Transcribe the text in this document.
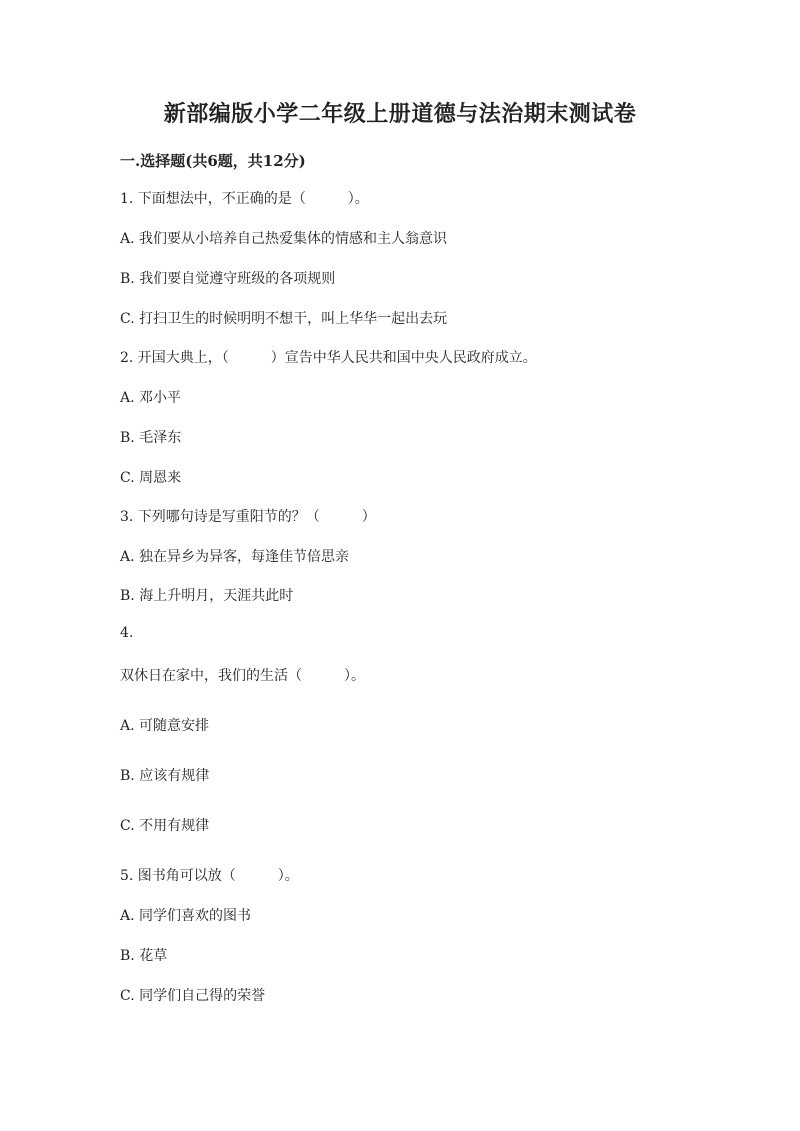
新部编版小学二年级上册道德与法治期末测试卷
一.选择题(共6题，共12分)
1. 下面想法中，不正确的是（　　　）。
A. 我们要从小培养自己热爱集体的情感和主人翁意识
B. 我们要自觉遵守班级的各项规则
C. 打扫卫生的时候明明不想干，叫上华华一起出去玩
2. 开国大典上，（　　　）宣告中华人民共和国中央人民政府成立。
A. 邓小平
B. 毛泽东
C. 周恩来
3. 下列哪句诗是写重阳节的？（　　　）
A. 独在异乡为异客，每逢佳节倍思亲
B. 海上升明月，天涯共此时
4.
双休日在家中，我们的生活（　　　）。
A. 可随意安排
B. 应该有规律
C. 不用有规律
5. 图书角可以放（　　　）。
A. 同学们喜欢的图书
B. 花草
C. 同学们自己得的荣誉
